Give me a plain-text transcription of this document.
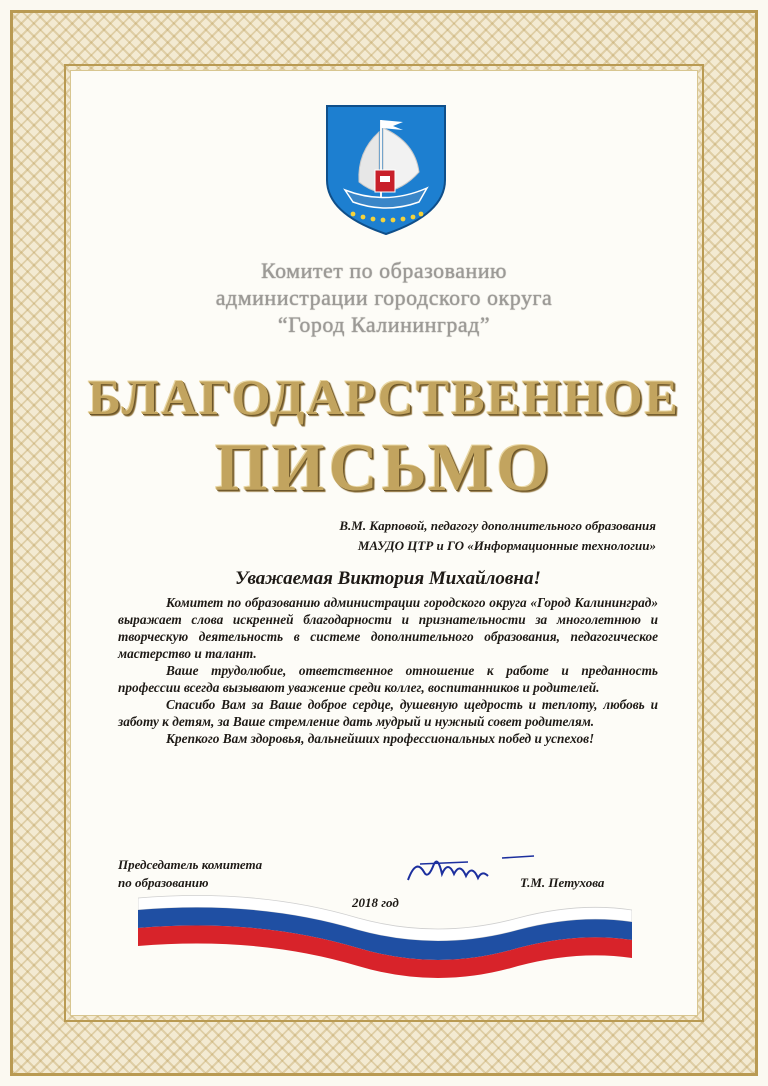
Комитет по образованию
администрации городского округа
“Город Калининград”
БЛАГОДАРСТВЕННОЕ
ПИСЬМО
В.М. Карповой, педагогу дополнительного образования
МАУДО ЦТР и ГО «Информационные технологии»
Уважаемая Виктория Михайловна!

Комитет по образованию администрации городского округа «Город Калининград» выражает слова искренней благодарности и признательности за многолетнюю и творческую деятельность в системе дополнительного образования, педагогическое мастерство и талант.

Ваше трудолюбие, ответственное отношение к работе и преданность профессии всегда вызывают уважение среди коллег, воспитанников и родителей.

Спасибо Вам за Ваше доброе сердце, душевную щедрость и теплоту, любовь и заботу к детям, за Ваше стремление дать мудрый и нужный совет родителям.

Крепкого Вам здоровья, дальнейших профессиональных побед и успехов!

Председатель комитета
по образованию	Т.М. Петухова
2018 год
